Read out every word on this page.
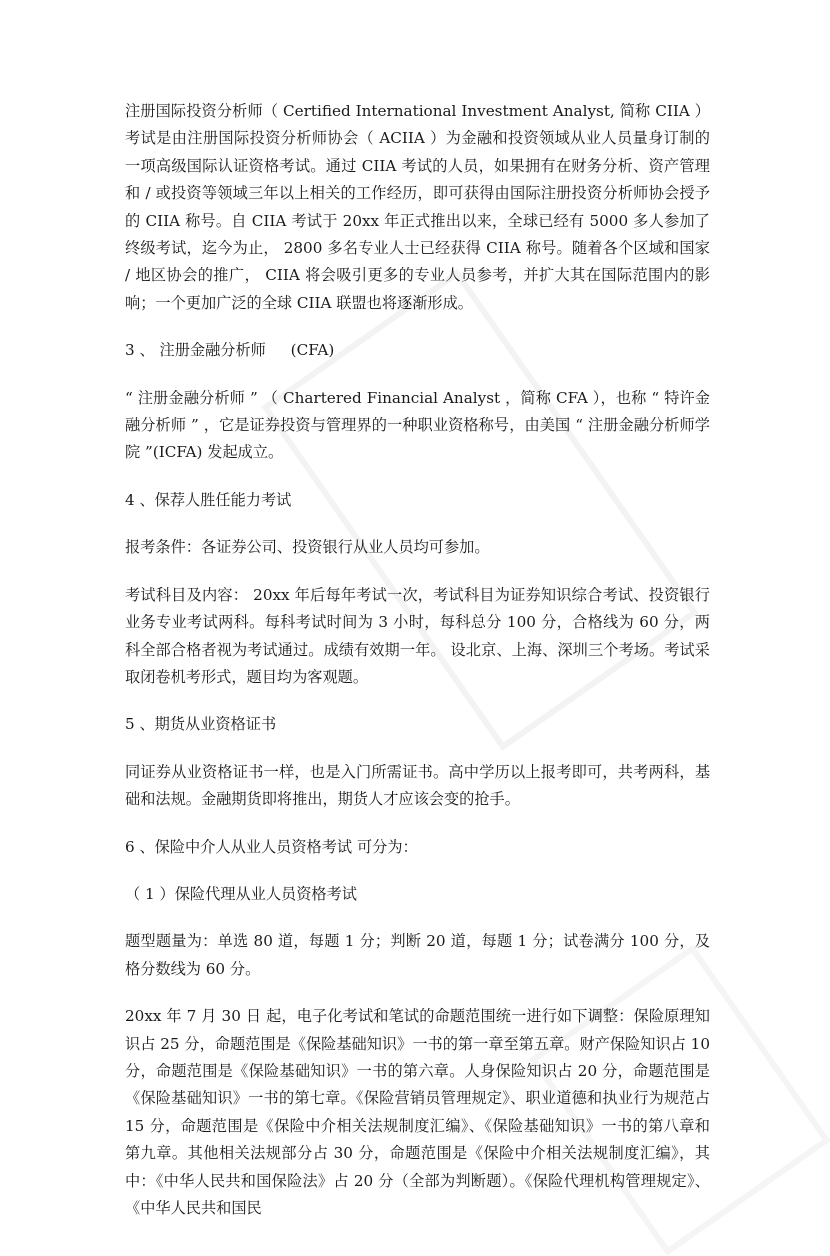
注册国际投资分析师（ Certified International Investment Analyst, 简称 CIIA ）考试是由注册国际投资分析师协会（ ACIIA ）为金融和投资领域从业人员量身订制的一项高级国际认证资格考试。通过 CIIA 考试的人员，如果拥有在财务分析、资产管理和 / 或投资等领域三年以上相关的工作经历，即可获得由国际注册投资分析师协会授予的 CIIA 称号。自 CIIA 考试于 20xx 年正式推出以来，全球已经有 5000 多人参加了终级考试，迄今为止， 2800 多名专业人士已经获得 CIIA 称号。随着各个区域和国家 / 地区协会的推广， CIIA 将会吸引更多的专业人员参考，并扩大其在国际范围内的影响；一个更加广泛的全球 CIIA 联盟也将逐渐形成。

3 、 注册金融分析师 　 (CFA)

“ 注册金融分析师 ” （ Chartered Financial Analyst ，简称 CFA ），也称 “ 特许金融分析师 ” ，它是证券投资与管理界的一种职业资格称号，由美国 “ 注册金融分析师学院 ”(ICFA) 发起成立。

4 、保荐人胜任能力考试

报考条件：各证券公司、投资银行从业人员均可参加。

考试科目及内容： 20xx 年后每年考试一次，考试科目为证券知识综合考试、投资银行业务专业考试两科。每科考试时间为 3 小时，每科总分 100 分，合格线为 60 分，两科全部合格者视为考试通过。成绩有效期一年。 设北京、上海、深圳三个考场。考试采取闭卷机考形式，题目均为客观题。

5 、期货从业资格证书

同证券从业资格证书一样，也是入门所需证书。高中学历以上报考即可，共考两科，基础和法规。金融期货即将推出，期货人才应该会变的抢手。

6 、保险中介人从业人员资格考试 可分为：

（ 1 ）保险代理从业人员资格考试

题型题量为：单选 80 道，每题 1 分；判断 20 道，每题 1 分；试卷满分 100 分，及格分数线为 60 分。

20xx 年 7 月 30 日 起，电子化考试和笔试的命题范围统一进行如下调整：保险原理知识占 25 分，命题范围是《保险基础知识》一书的第一章至第五章。财产保险知识占 10 分，命题范围是《保险基础知识》一书的第六章。人身保险知识占 20 分，命题范围是《保险基础知识》一书的第七章。《保险营销员管理规定》、职业道德和执业行为规范占 15 分，命题范围是《保险中介相关法规制度汇编》、《保险基础知识》一书的第八章和第九章。其他相关法规部分占 30 分，命题范围是《保险中介相关法规制度汇编》，其中：《中华人民共和国保险法》占 20 分（全部为判断题）。《保险代理机构管理规定》、《中华人民共和国民
